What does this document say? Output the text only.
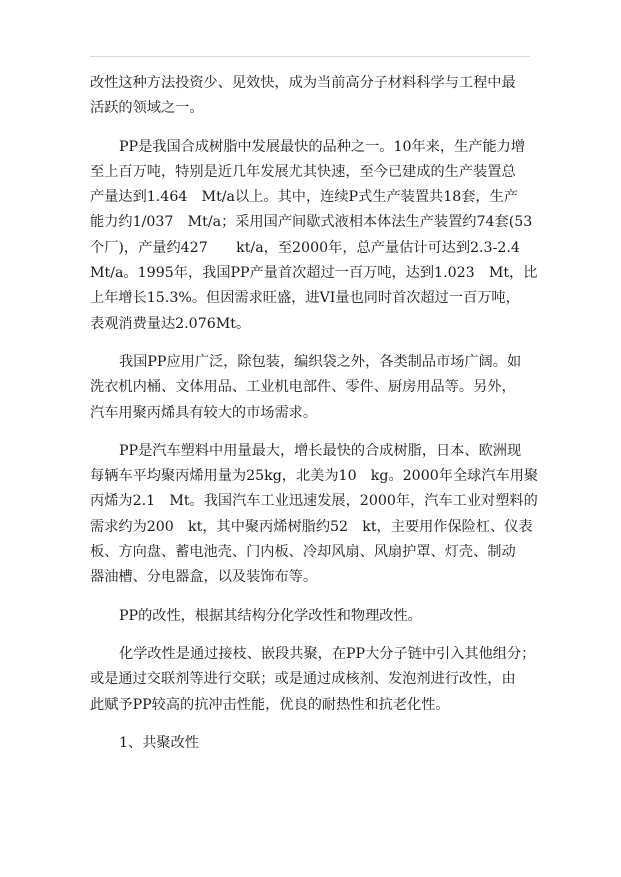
改性这种方法投资少、见效快，成为当前高分子材料科学与工程中最
活跃的领域之一。

PP是我国合成树脂中发展最快的品种之一。10年来，生产能力增
至上百万吨，特别是近几年发展尤其快速，至今已建成的生产装置总
产量达到1.464　Mt/a以上。其中，连续P式生产装置共18套，生产
能力约1/037　Mt/a；采用国产间歇式液相本体法生产装置约74套(53
个厂)，产量约427　　kt/a，至2000年，总产量估计可达到2.3-2.4
Mt/a。1995年，我国PP产量首次超过一百万吨，达到1.023　Mt，比
上年增长15.3%。但因需求旺盛，进VI量也同时首次超过一百万吨，
表观消费量达2.076Mt。

我国PP应用广泛，除包装，编织袋之外，各类制品市场广阔。如
洗衣机内桶、文体用品、工业机电部件、零件、厨房用品等。另外，
汽车用聚丙烯具有较大的市场需求。

PP是汽车塑料中用量最大，增长最快的合成树脂，日本、欧洲现
每辆车平均聚丙烯用量为25kg，北美为10　kg。2000年全球汽车用聚
丙烯为2.1　Mt。我国汽车工业迅速发展，2000年，汽车工业对塑料的
需求约为200　kt，其中聚丙烯树脂约52　kt，主要用作保险杠、仪表
板、方向盘、蓄电池壳、门内板、冷却风扇、风扇护罩、灯壳、制动
器油槽、分电器盒，以及装饰布等。

PP的改性，根据其结构分化学改性和物理改性。

化学改性是通过接枝、嵌段共聚，在PP大分子链中引入其他组分；
或是通过交联剂等进行交联；或是通过成核剂、发泡剂进行改性，由
此赋予PP较高的抗冲击性能，优良的耐热性和抗老化性。

1、共聚改性
